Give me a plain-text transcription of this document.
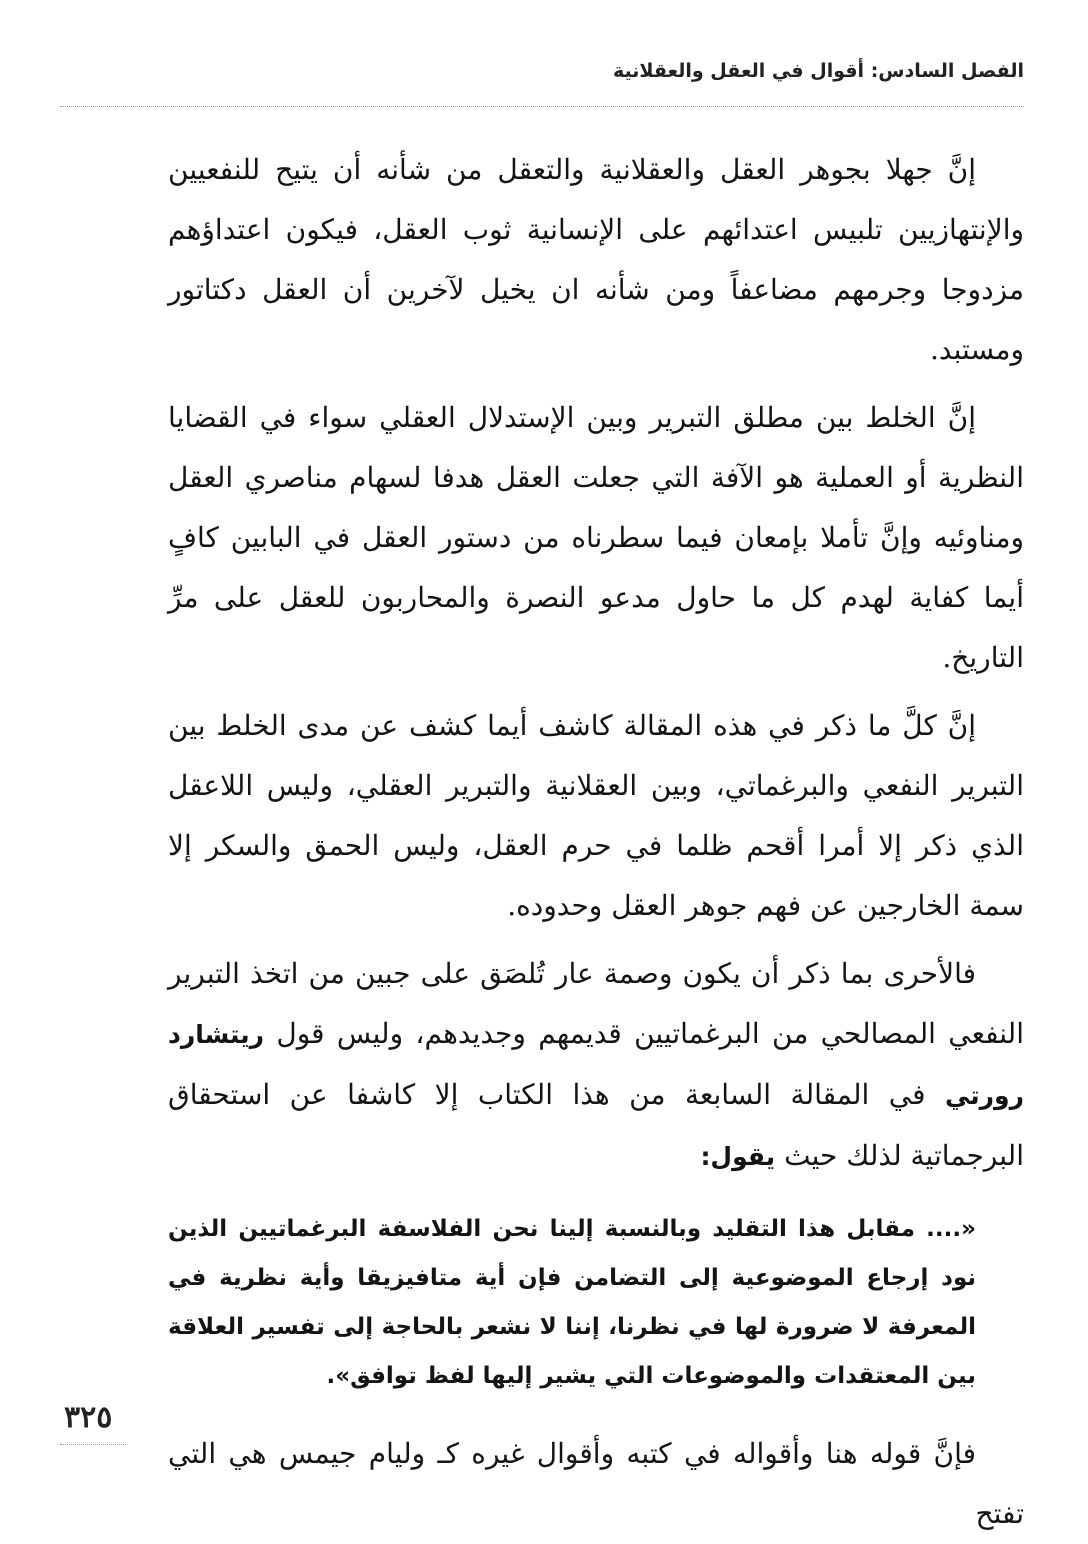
الفصل السادس: أقوال في العقل والعقلانية

إنَّ جهلا بجوهر العقل والعقلانية والتعقل من شأنه أن يتيح للنفعيين والإنتهازيين تلبيس اعتدائهم على الإنسانية ثوب العقل، فيكون اعتداؤهم مزدوجا وجرمهم مضاعفاً ومن شأنه ان يخيل لآخرين أن العقل دكتاتور ومستبد.

إنَّ الخلط بين مطلق التبرير وبين الإستدلال العقلي سواء في القضايا النظرية أو العملية هو الآفة التي جعلت العقل هدفا لسهام مناصري العقل ومناوئيه وإنَّ تأملا بإمعان فيما سطرناه من دستور العقل في البابين كافٍ أيما كفاية لهدم كل ما حاول مدعو النصرة والمحاربون للعقل على مرِّ التاريخ.

إنَّ كلَّ ما ذكر في هذه المقالة كاشف أيما كشف عن مدى الخلط بين التبرير النفعي والبرغماتي، وبين العقلانية والتبرير العقلي، وليس اللاعقل الذي ذكر إلا أمرا أقحم ظلما في حرم العقل، وليس الحمق والسكر إلا سمة الخارجين عن فهم جوهر العقل وحدوده.

فالأحرى بما ذكر أن يكون وصمة عار تُلصَق على جبين من اتخذ التبرير النفعي المصالحي من البرغماتيين قديمهم وجديدهم، وليس قول ريتشارد رورتي في المقالة السابعة من هذا الكتاب إلا كاشفا عن استحقاق البرجماتية لذلك حيث يقول:

«.... مقابل هذا التقليد وبالنسبة إلينا نحن الفلاسفة البرغماتيين الذين نود إرجاع الموضوعية إلى التضامن فإن أية متافيزيقا وأية نظرية في المعرفة لا ضرورة لها في نظرنا، إننا لا نشعر بالحاجة إلى تفسير العلاقة بين المعتقدات والموضوعات التي يشير إليها لفظ توافق».

فإنَّ قوله هنا وأقواله في كتبه وأقوال غيره كـ وليام جيمس هي التي تفتح

٣٢٥
